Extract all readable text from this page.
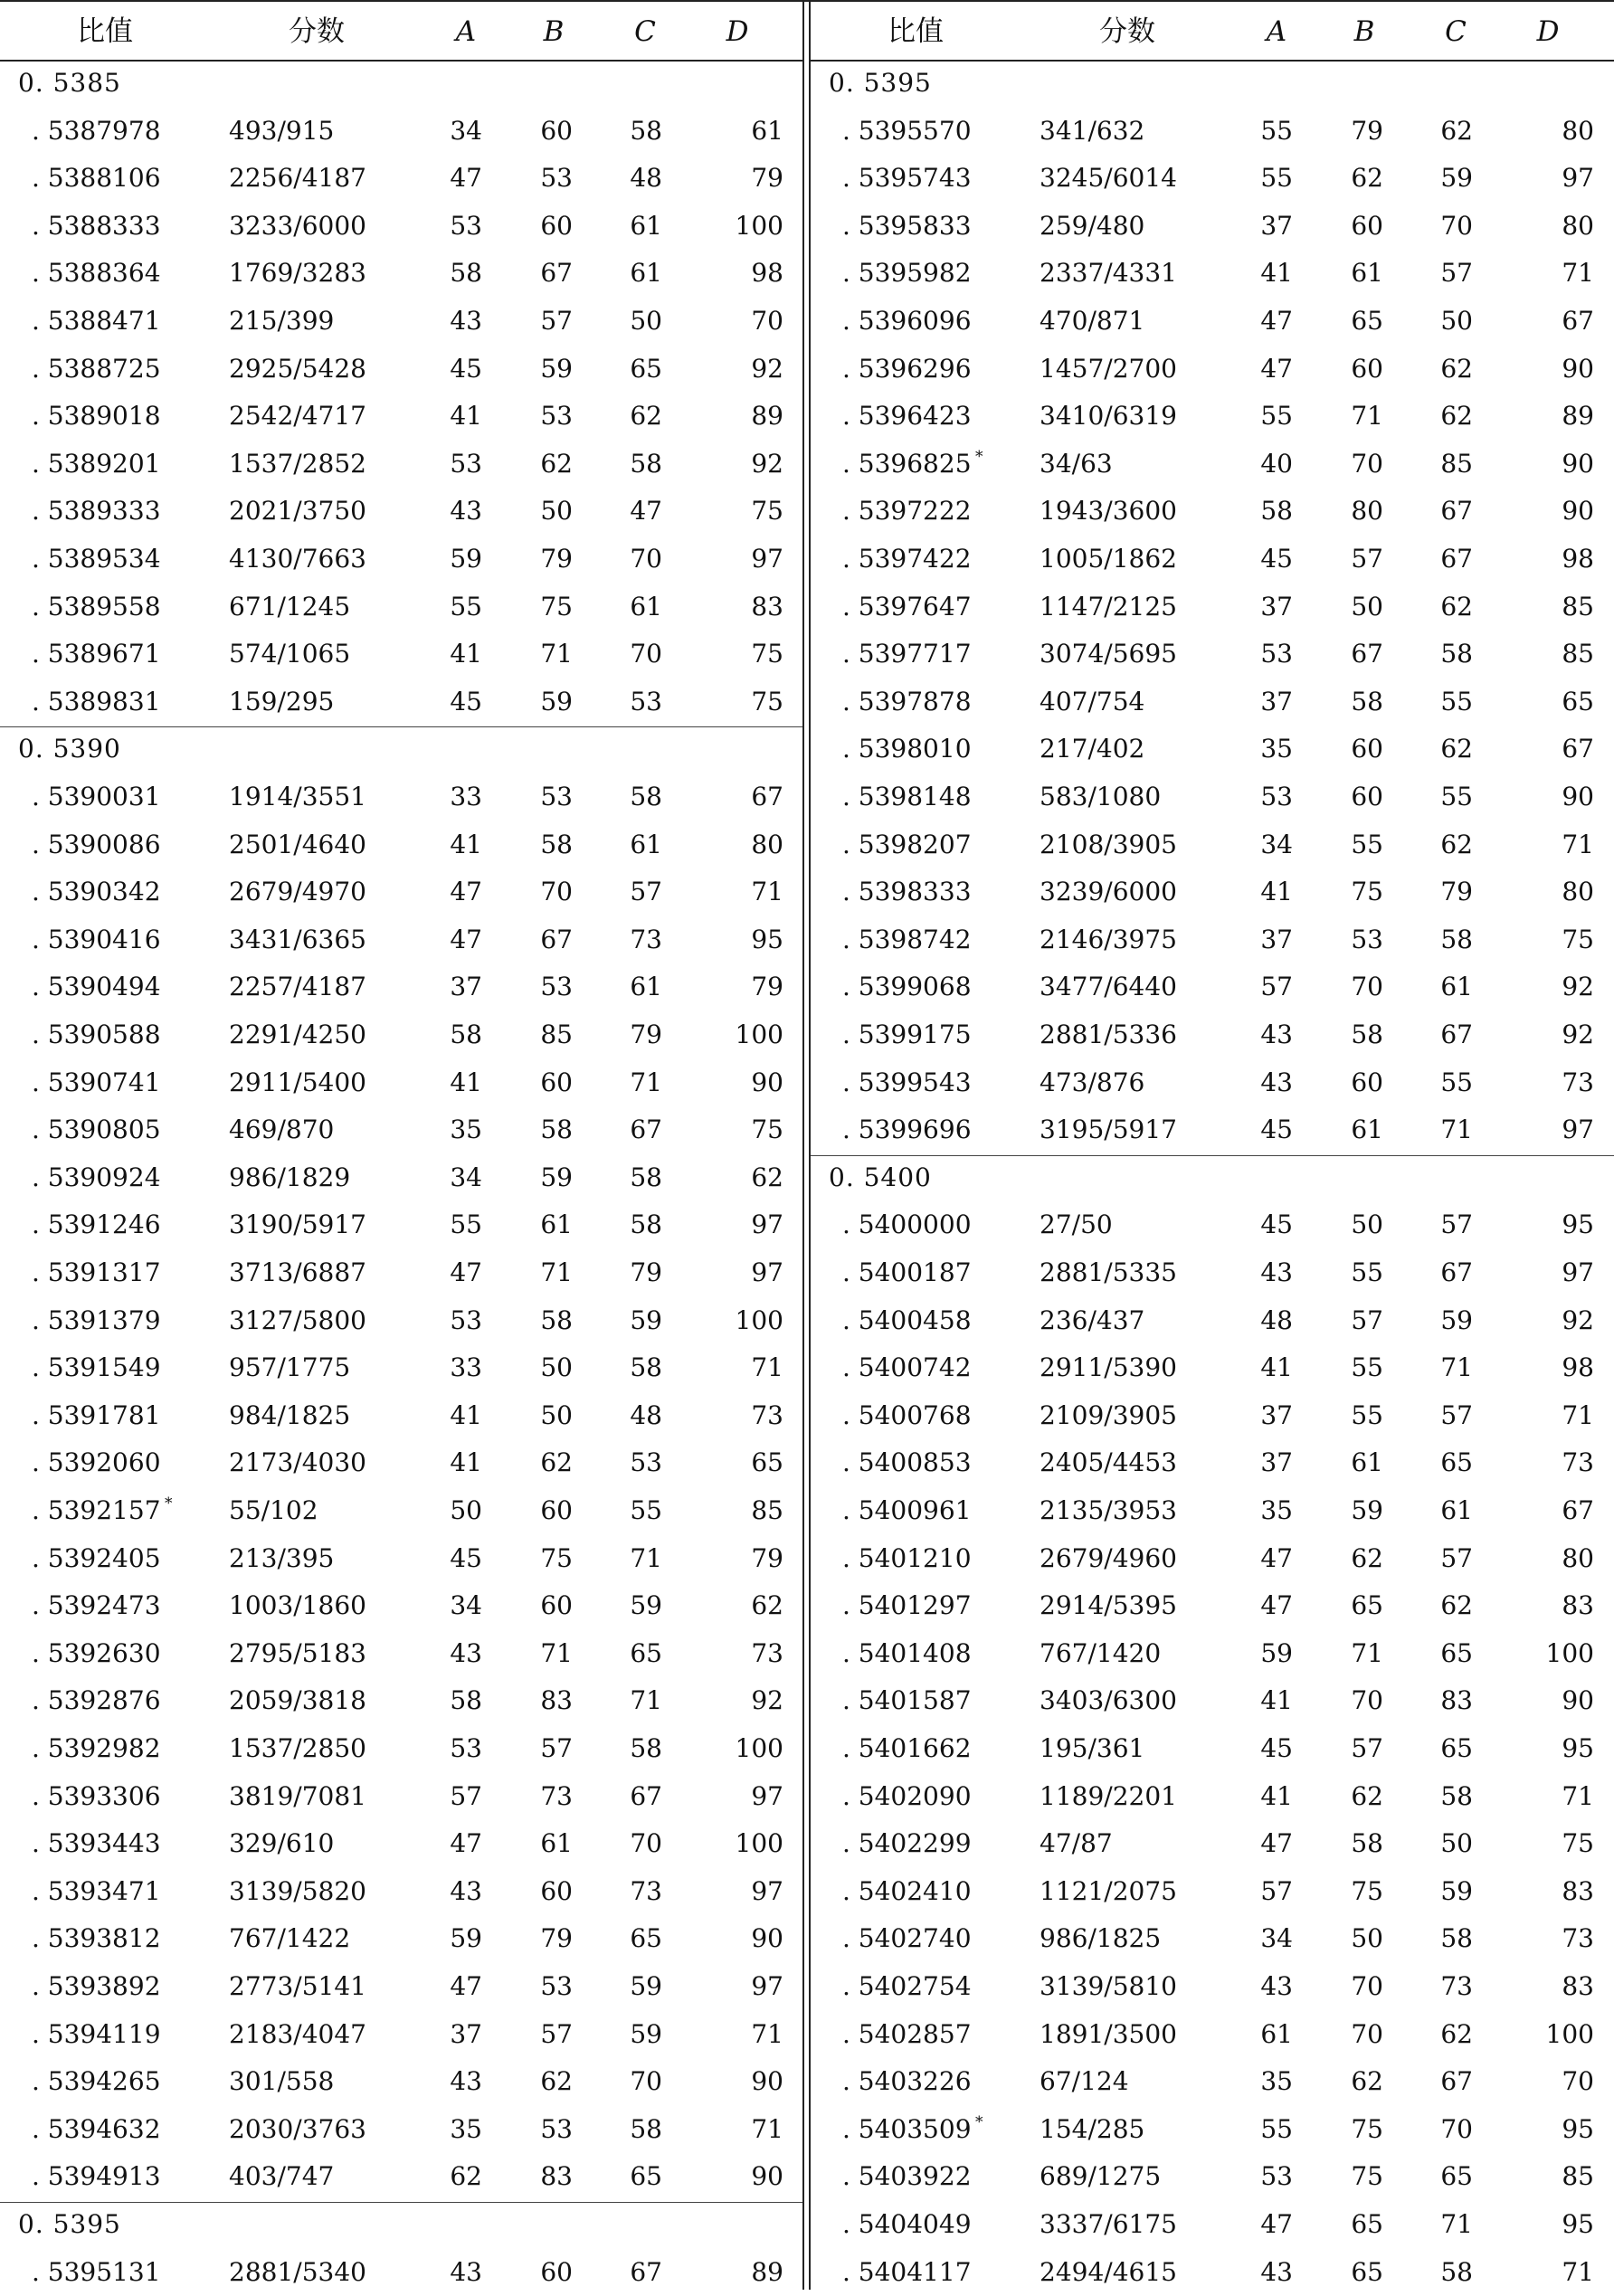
比值	分数	A	B	C	D
0. 5385
. 5387978	493/915	34	60	58	61
. 5388106	2256/4187	47	53	48	79
. 5388333	3233/6000	53	60	61	100
. 5388364	1769/3283	58	67	61	98
. 5388471	215/399	43	57	50	70
. 5388725	2925/5428	45	59	65	92
. 5389018	2542/4717	41	53	62	89
. 5389201	1537/2852	53	62	58	92
. 5389333	2021/3750	43	50	47	75
. 5389534	4130/7663	59	79	70	97
. 5389558	671/1245	55	75	61	83
. 5389671	574/1065	41	71	70	75
. 5389831	159/295	45	59	53	75
0. 5390
. 5390031	1914/3551	33	53	58	67
. 5390086	2501/4640	41	58	61	80
. 5390342	2679/4970	47	70	57	71
. 5390416	3431/6365	47	67	73	95
. 5390494	2257/4187	37	53	61	79
. 5390588	2291/4250	58	85	79	100
. 5390741	2911/5400	41	60	71	90
. 5390805	469/870	35	58	67	75
. 5390924	986/1829	34	59	58	62
. 5391246	3190/5917	55	61	58	97
. 5391317	3713/6887	47	71	79	97
. 5391379	3127/5800	53	58	59	100
. 5391549	957/1775	33	50	58	71
. 5391781	984/1825	41	50	48	73
. 5392060	2173/4030	41	62	53	65
. 5392157 * 55/102	50	60	55	85
. 5392405	213/395	45	75	71	79
. 5392473	1003/1860	34	60	59	62
. 5392630	2795/5183	43	71	65	73
. 5392876	2059/3818	58	83	71	92
. 5392982	1537/2850	53	57	58	100
. 5393306	3819/7081	57	73	67	97
. 5393443	329/610	47	61	70	100
. 5393471	3139/5820	43	60	73	97
. 5393812	767/1422	59	79	65	90
. 5393892	2773/5141	47	53	59	97
. 5394119	2183/4047	37	57	59	71
. 5394265	301/558	43	62	70	90
. 5394632	2030/3763	35	53	58	71
. 5394913	403/747	62	83	65	90
0. 5395
. 5395131	2881/5340	43	60	67	89
比值	分数	A	B	C	D
0. 5395
. 5395570	341/632	55	79	62	80
. 5395743	3245/6014	55	62	59	97
. 5395833	259/480	37	60	70	80
. 5395982	2337/4331	41	61	57	71
. 5396096	470/871	47	65	50	67
. 5396296	1457/2700	47	60	62	90
. 5396423	3410/6319	55	71	62	89
. 5396825 * 34/63	40	70	85	90
. 5397222	1943/3600	58	80	67	90
. 5397422	1005/1862	45	57	67	98
. 5397647	1147/2125	37	50	62	85
. 5397717	3074/5695	53	67	58	85
. 5397878	407/754	37	58	55	65
. 5398010	217/402	35	60	62	67
. 5398148	583/1080	53	60	55	90
. 5398207	2108/3905	34	55	62	71
. 5398333	3239/6000	41	75	79	80
. 5398742	2146/3975	37	53	58	75
. 5399068	3477/6440	57	70	61	92
. 5399175	2881/5336	43	58	67	92
. 5399543	473/876	43	60	55	73
. 5399696	3195/5917	45	61	71	97
0. 5400
. 5400000	27/50	45	50	57	95
. 5400187	2881/5335	43	55	67	97
. 5400458	236/437	48	57	59	92
. 5400742	2911/5390	41	55	71	98
. 5400768	2109/3905	37	55	57	71
. 5400853	2405/4453	37	61	65	73
. 5400961	2135/3953	35	59	61	67
. 5401210	2679/4960	47	62	57	80
. 5401297	2914/5395	47	65	62	83
. 5401408	767/1420	59	71	65	100
. 5401587	3403/6300	41	70	83	90
. 5401662	195/361	45	57	65	95
. 5402090	1189/2201	41	62	58	71
. 5402299	47/87	47	58	50	75
. 5402410	1121/2075	57	75	59	83
. 5402740	986/1825	34	50	58	73
. 5402754	3139/5810	43	70	73	83
. 5402857	1891/3500	61	70	62	100
. 5403226	67/124	35	62	67	70
. 5403509 * 154/285	55	75	70	95
. 5403922	689/1275	53	75	65	85
. 5404049	3337/6175	47	65	71	95
. 5404117	2494/4615	43	65	58	71
